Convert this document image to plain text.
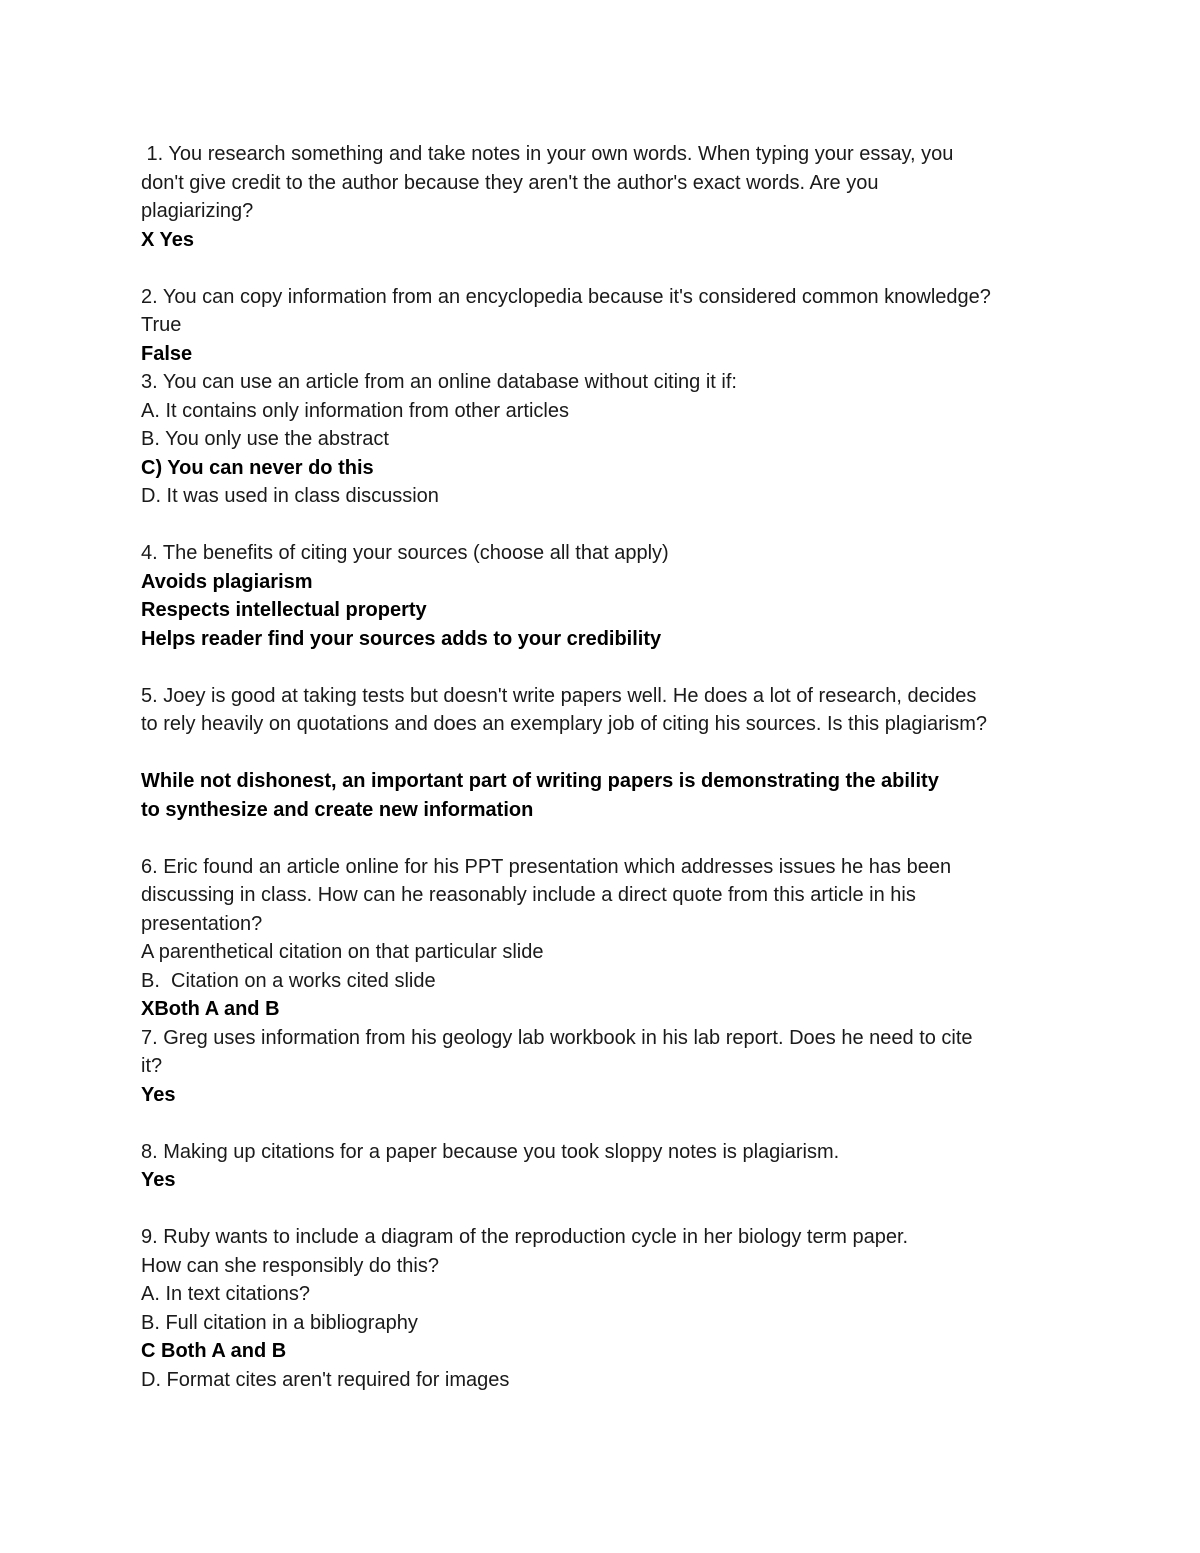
1. You research something and take notes in your own words. When typing your essay, you
don't give credit to the author because they aren't the author's exact words. Are you
plagiarizing?
X Yes
2. You can copy information from an encyclopedia because it's considered common knowledge?
True
False
3. You can use an article from an online database without citing it if:
A. It contains only information from other articles
B. You only use the abstract
C) You can never do this
D. It was used in class discussion
4. The benefits of citing your sources (choose all that apply)
Avoids plagiarism
Respects intellectual property
Helps reader find your sources adds to your credibility
5. Joey is good at taking tests but doesn't write papers well. He does a lot of research, decides
to rely heavily on quotations and does an exemplary job of citing his sources. Is this plagiarism?
While not dishonest, an important part of writing papers is demonstrating the ability
to synthesize and create new information
6. Eric found an article online for his PPT presentation which addresses issues he has been
discussing in class. How can he reasonably include a direct quote from this article in his
presentation?
A parenthetical citation on that particular slide
B.  Citation on a works cited slide
XBoth A and B
7. Greg uses information from his geology lab workbook in his lab report. Does he need to cite
it?
Yes
8. Making up citations for a paper because you took sloppy notes is plagiarism.
Yes
9. Ruby wants to include a diagram of the reproduction cycle in her biology term paper.
How can she responsibly do this?
A. In text citations?
B. Full citation in a bibliography
C Both A and B
D. Format cites aren't required for images
